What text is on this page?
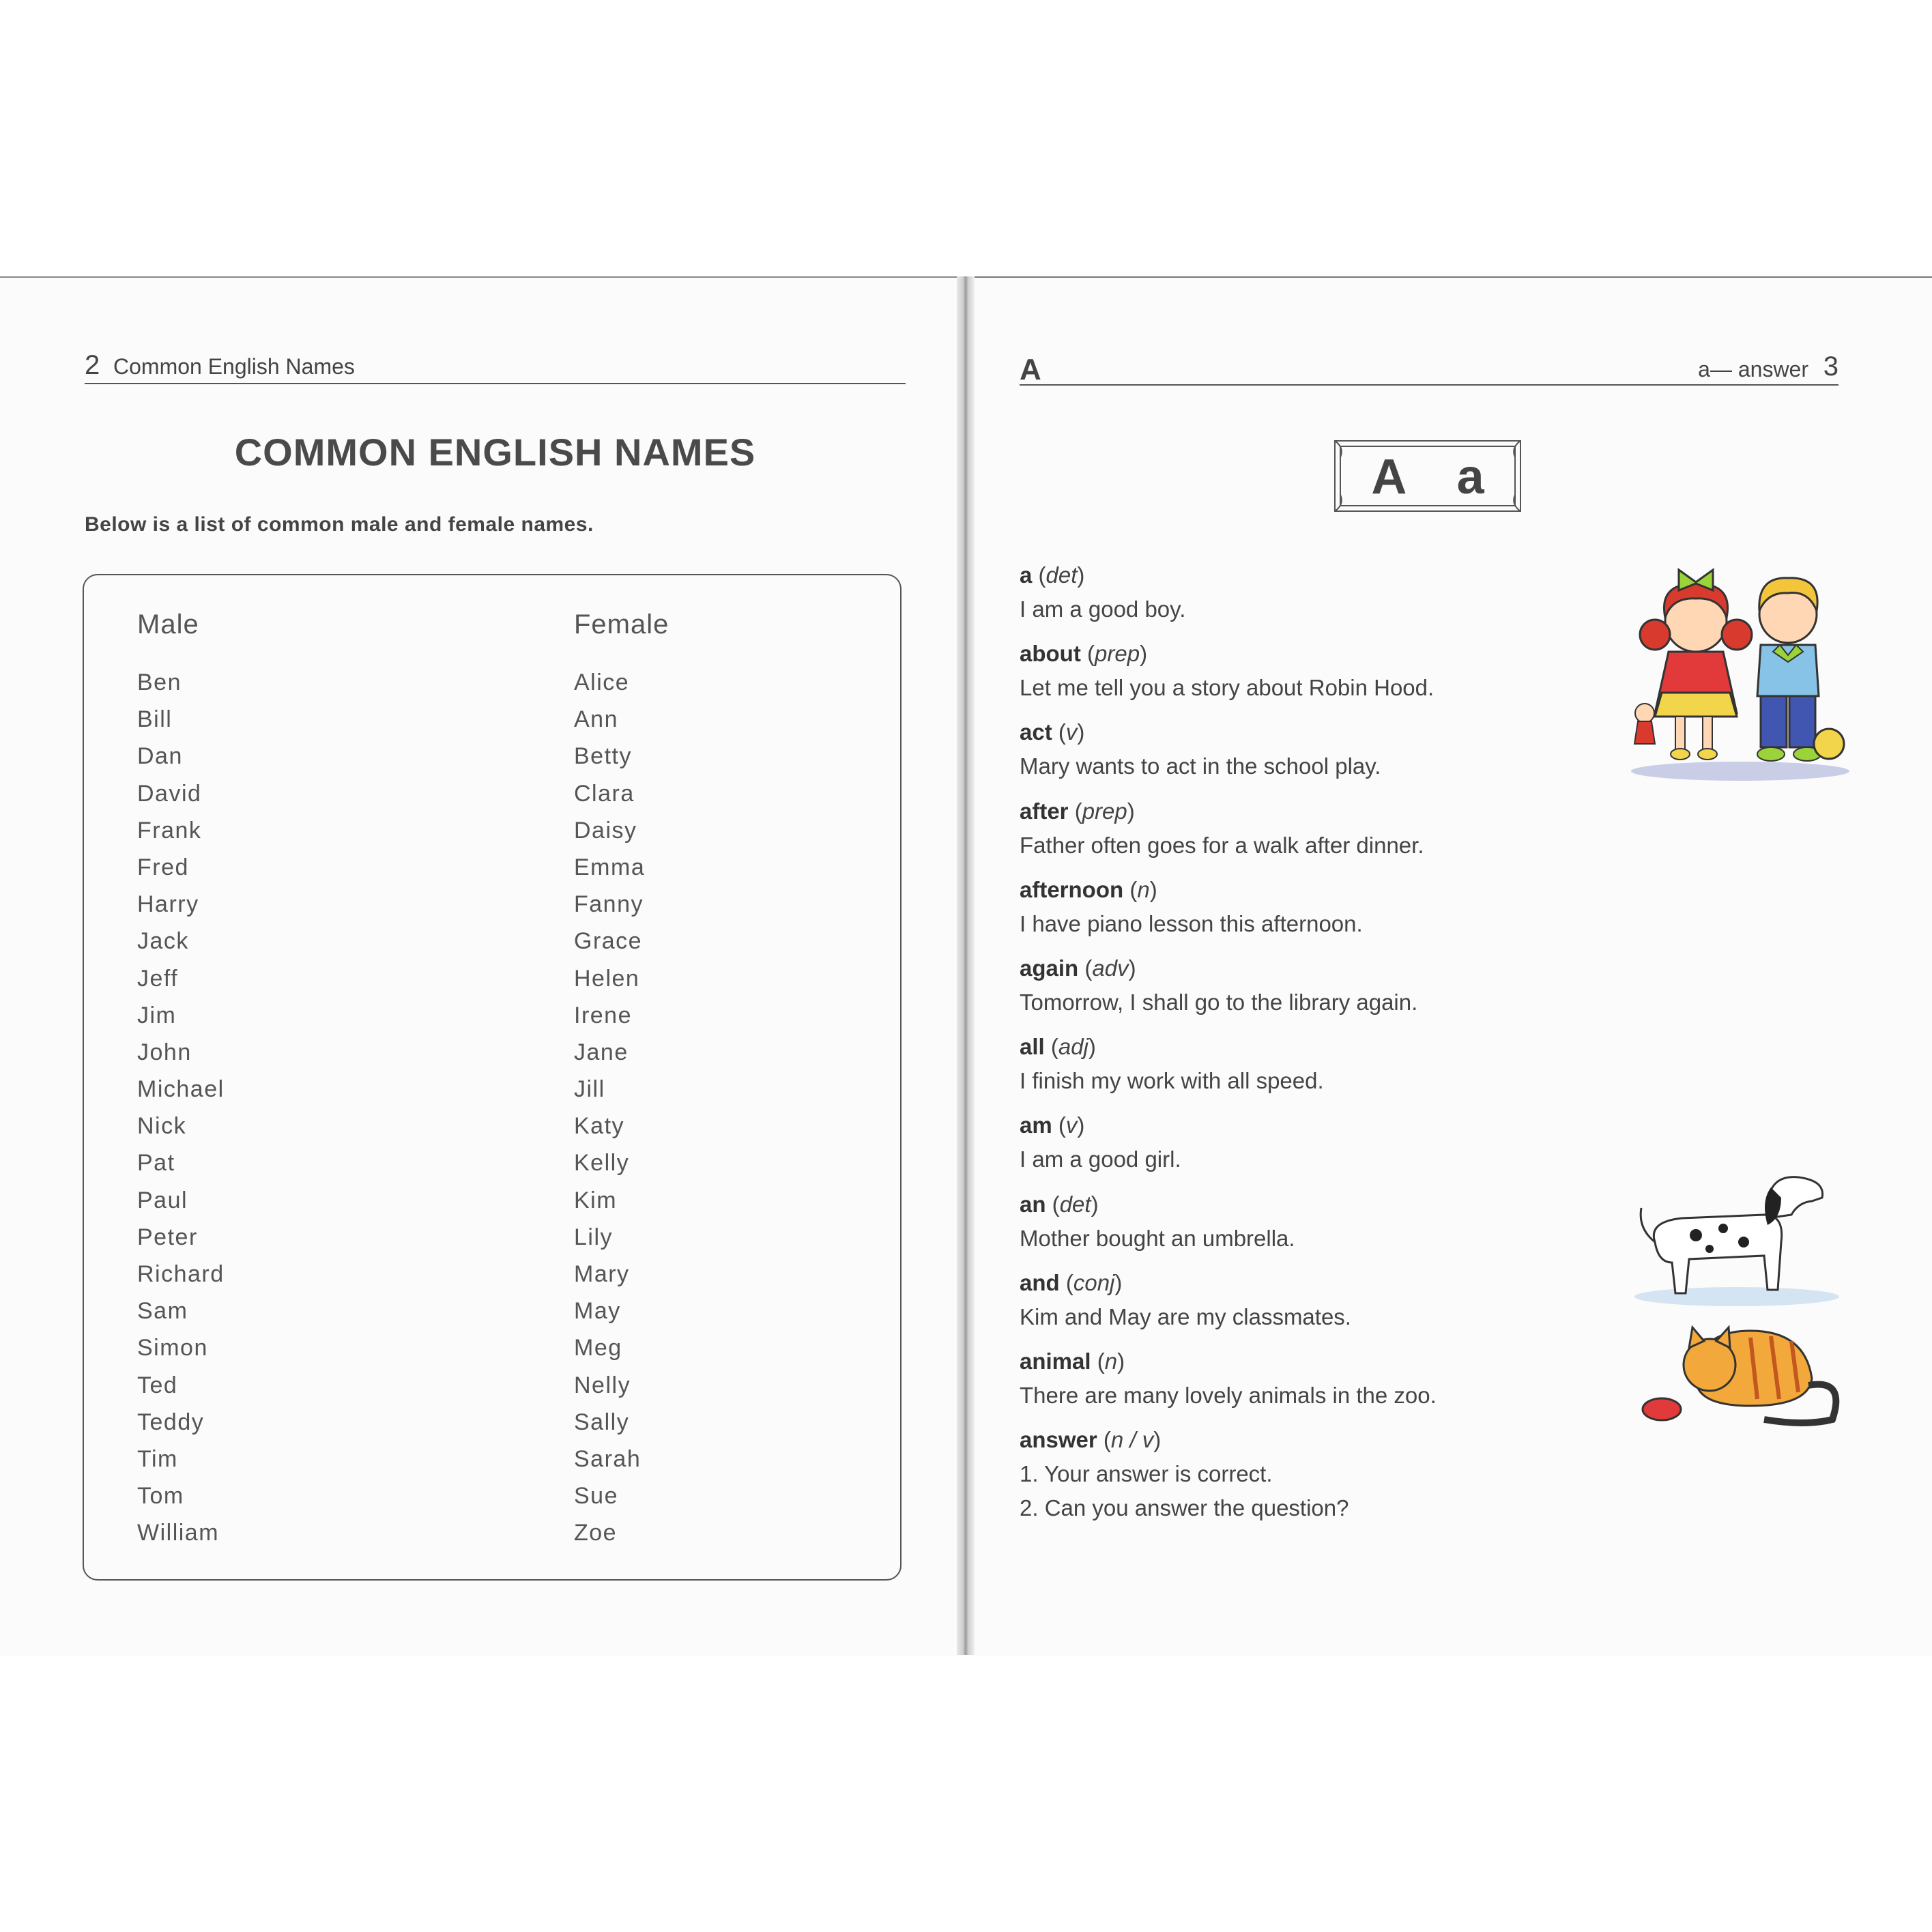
2 Common English Names
COMMON ENGLISH NAMES
Below is a list of common male and female names.
Male
Ben
Bill
Dan
David
Frank
Fred
Harry
Jack
Jeff
Jim
John
Michael
Nick
Pat
Paul
Peter
Richard
Sam
Simon
Ted
Teddy
Tim
Tom
William
Female
Alice
Ann
Betty
Clara
Daisy
Emma
Fanny
Grace
Helen
Irene
Jane
Jill
Katy
Kelly
Kim
Lily
Mary
May
Meg
Nelly
Sally
Sarah
Sue
Zoe
A	a— answer 3
A a
a (det)
I am a good boy.
about (prep)
Let me tell you a story about Robin Hood.
act (v)
Mary wants to act in the school play.
after (prep)
Father often goes for a walk after dinner.
afternoon (n)
I have piano lesson this afternoon.
again (adv)
Tomorrow, I shall go to the library again.
all (adj)
I finish my work with all speed.
am (v)
I am a good girl.
an (det)
Mother bought an umbrella.
and (conj)
Kim and May are my classmates.
animal (n)
There are many lovely animals in the zoo.
answer (n / v)
1. Your answer is correct.
2. Can you answer the question?
